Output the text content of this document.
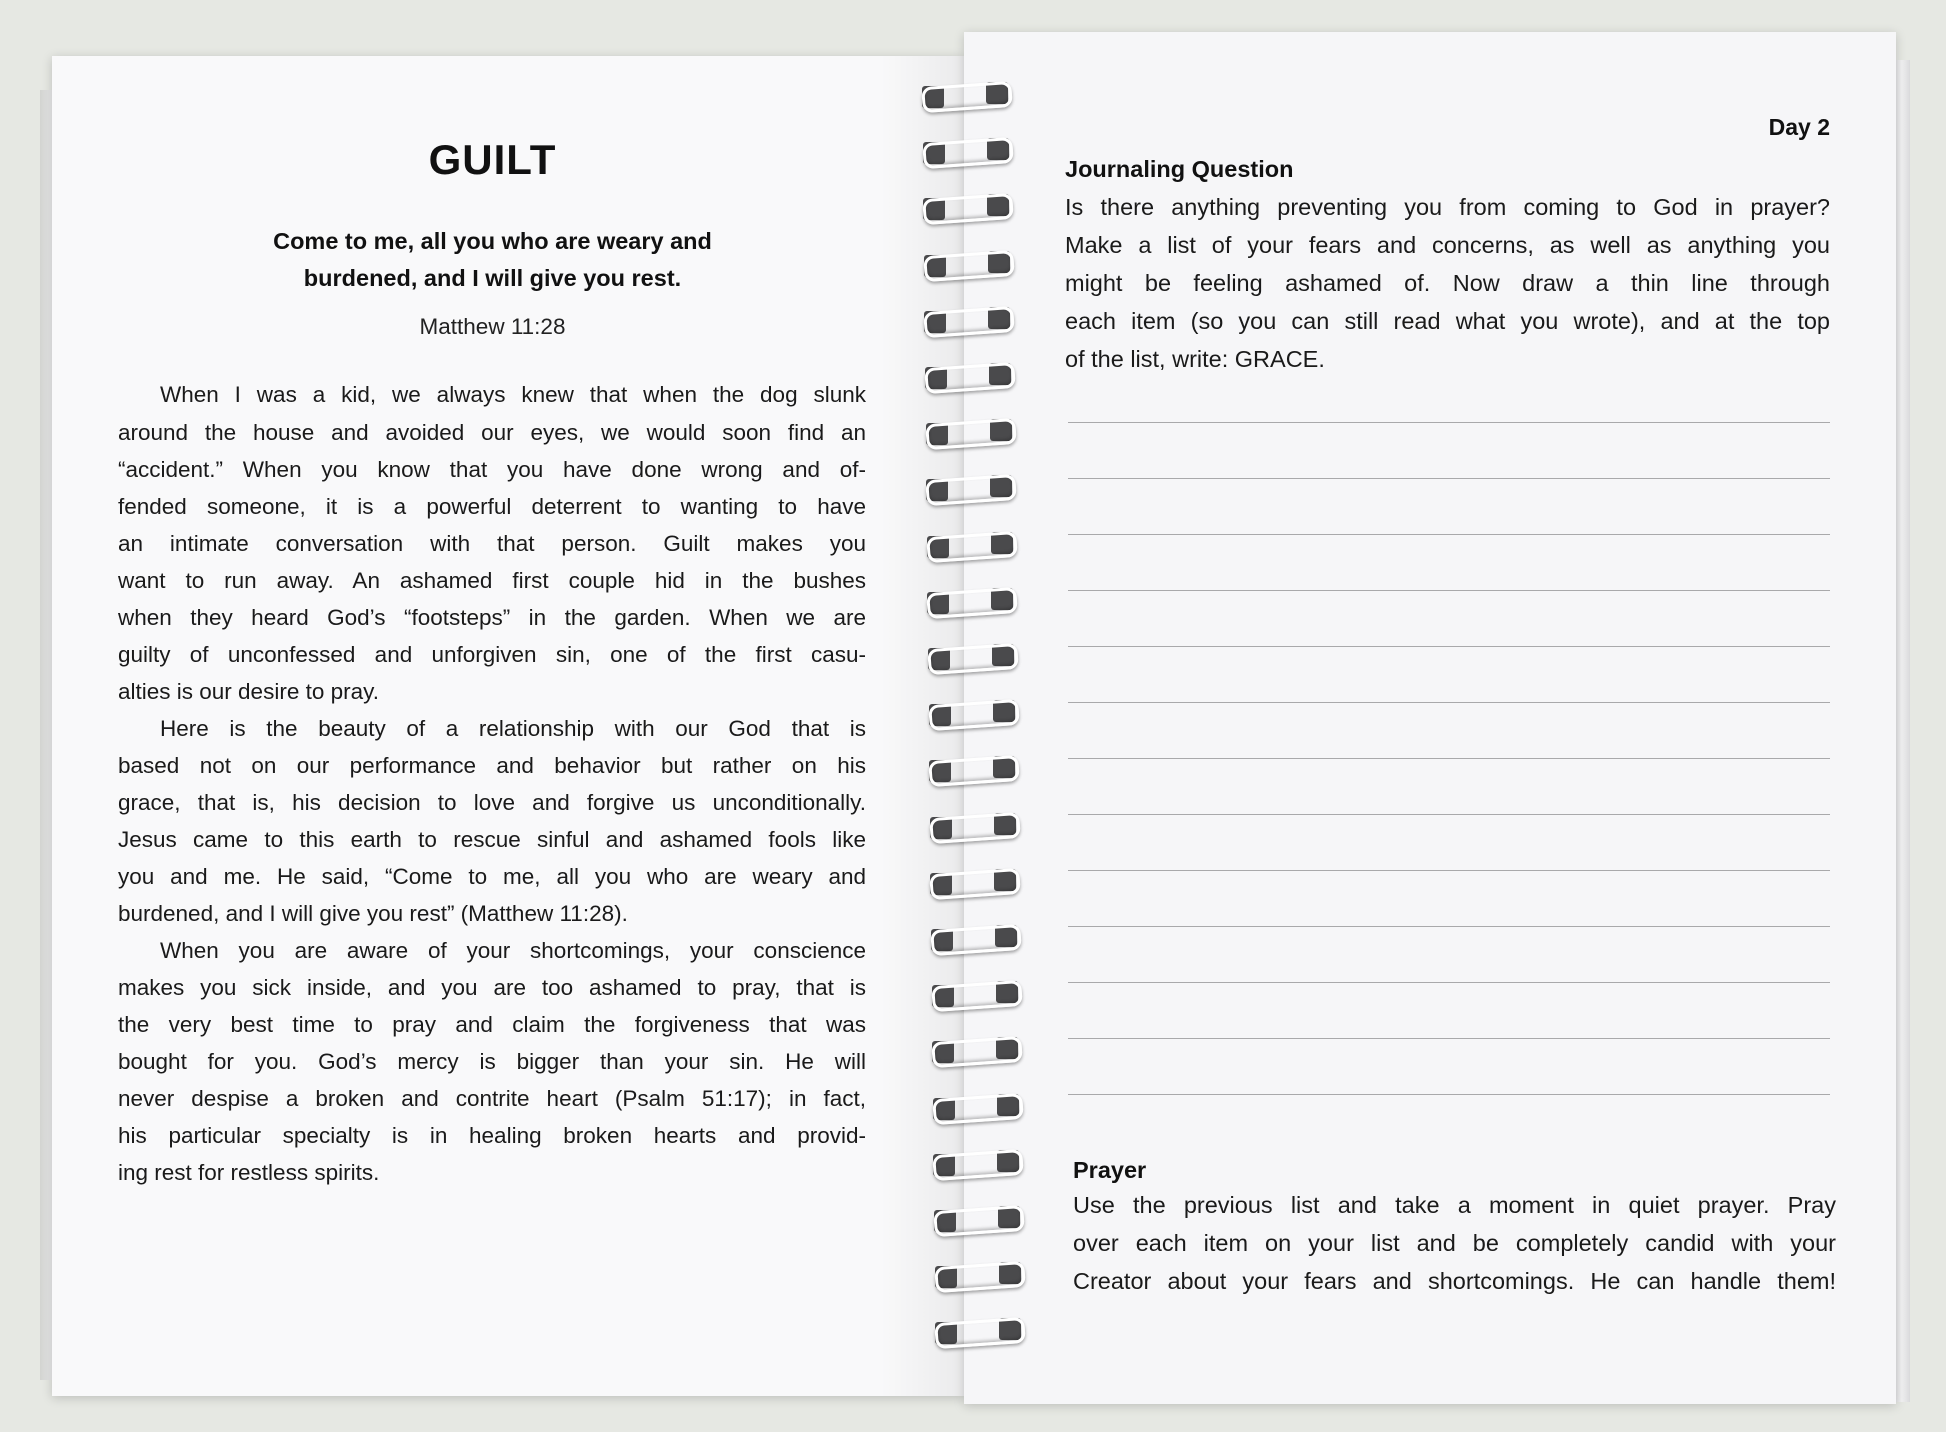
GUILT
Come to me, all you who are weary and
burdened, and I will give you rest.
Matthew 11:28
When I was a kid, we always knew that when the dog slunk
around the house and avoided our eyes, we would soon find an
“accident.” When you know that you have done wrong and of-
fended someone, it is a powerful deterrent to wanting to have
an intimate conversation with that person. Guilt makes you
want to run away. An ashamed first couple hid in the bushes
when they heard God’s “footsteps” in the garden. When we are
guilty of unconfessed and unforgiven sin, one of the first casu-
alties is our desire to pray.
Here is the beauty of a relationship with our God that is
based not on our performance and behavior but rather on his
grace, that is, his decision to love and forgive us unconditionally.
Jesus came to this earth to rescue sinful and ashamed fools like
you and me. He said, “Come to me, all you who are weary and
burdened, and I will give you rest” (Matthew 11:28).
When you are aware of your shortcomings, your conscience
makes you sick inside, and you are too ashamed to pray, that is
the very best time to pray and claim the forgiveness that was
bought for you. God’s mercy is bigger than your sin. He will
never despise a broken and contrite heart (Psalm 51:17); in fact,
his particular specialty is in healing broken hearts and provid-
ing rest for restless spirits.
Day 2
Journaling Question
Is there anything preventing you from coming to God in prayer?
Make a list of your fears and concerns, as well as anything you
might be feeling ashamed of. Now draw a thin line through
each item (so you can still read what you wrote), and at the top
of the list, write: GRACE.
Prayer
Use the previous list and take a moment in quiet prayer. Pray
over each item on your list and be completely candid with your
Creator about your fears and shortcomings. He can handle them!
